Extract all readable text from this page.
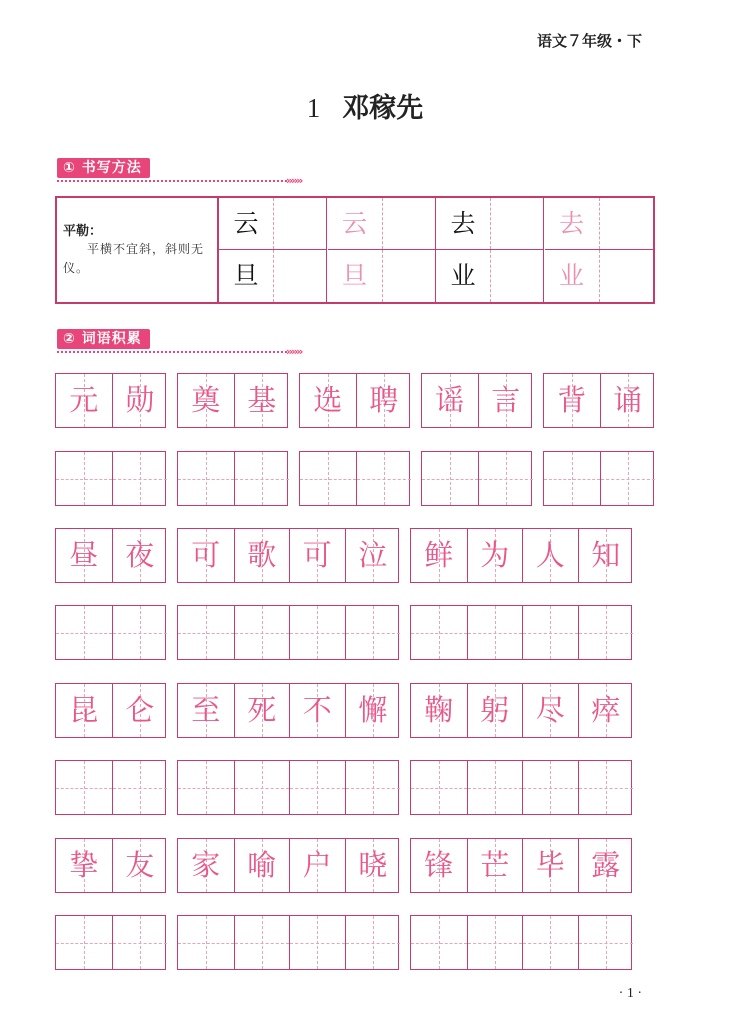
语文７年级・下
1 邓稼先
① 书写方法
»»»
平勒：
平横不宜斜，斜则无仪。
云	云	去	去
旦	旦	业	业
② 词语积累
»»»
元 勋	奠 基	选 聘	谣 言	背 诵
昼 夜	可 歌 可 泣	鲜 为 人 知
昆 仑	至 死 不 懈	鞠 躬 尽 瘁
挚 友	家 喻 户 晓	锋 芒 毕 露
· 1 ·
